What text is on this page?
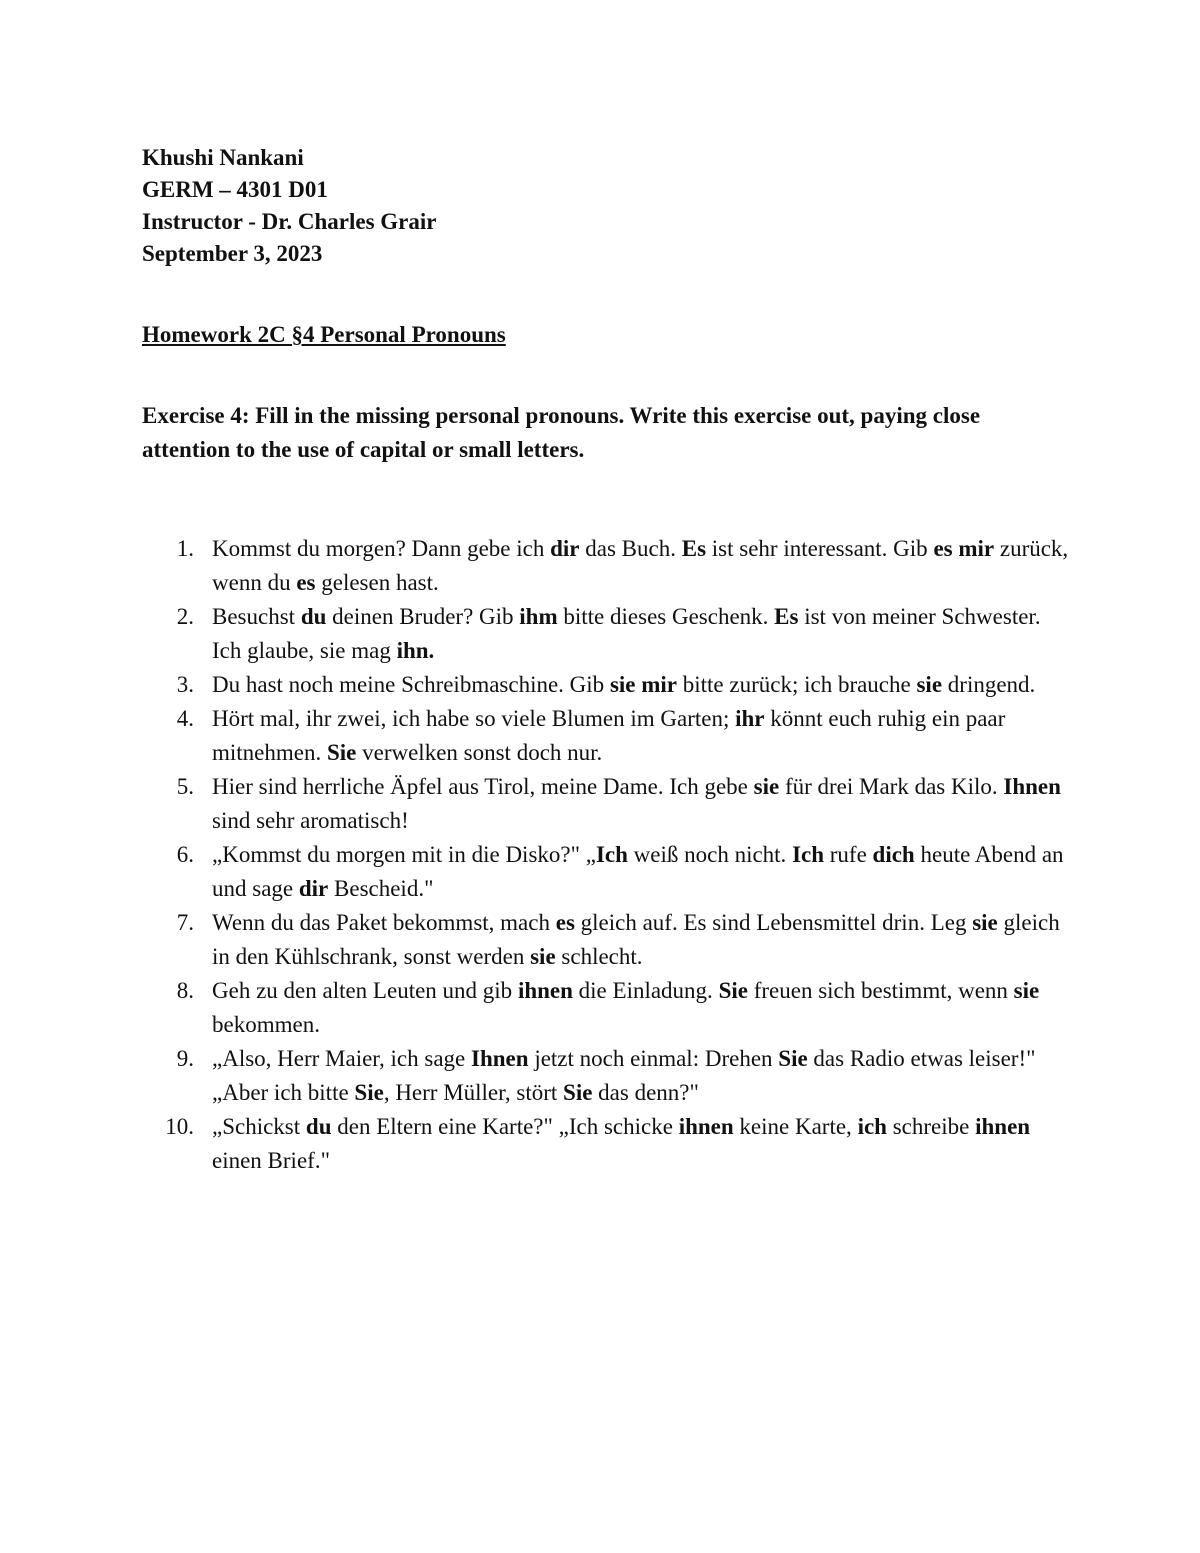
Khushi Nankani
GERM – 4301 D01
Instructor - Dr. Charles Grair
September 3, 2023
Homework 2C §4 Personal Pronouns
Exercise 4: Fill in the missing personal pronouns. Write this exercise out, paying close attention to the use of capital or small letters.
1. Kommst du morgen? Dann gebe ich dir das Buch. Es ist sehr interessant. Gib es mir zurück, wenn du es gelesen hast.
2. Besuchst du deinen Bruder? Gib ihm bitte dieses Geschenk. Es ist von meiner Schwester. Ich glaube, sie mag ihn.
3. Du hast noch meine Schreibmaschine. Gib sie mir bitte zurück; ich brauche sie dringend.
4. Hört mal, ihr zwei, ich habe so viele Blumen im Garten; ihr könnt euch ruhig ein paar mitnehmen. Sie verwelken sonst doch nur.
5. Hier sind herrliche Äpfel aus Tirol, meine Dame. Ich gebe sie für drei Mark das Kilo. Ihnen sind sehr aromatisch!
6. „Kommst du morgen mit in die Disko?" „Ich weiß noch nicht. Ich rufe dich heute Abend an und sage dir Bescheid."
7. Wenn du das Paket bekommst, mach es gleich auf. Es sind Lebensmittel drin. Leg sie gleich in den Kühlschrank, sonst werden sie schlecht.
8. Geh zu den alten Leuten und gib ihnen die Einladung. Sie freuen sich bestimmt, wenn sie bekommen.
9. „Also, Herr Maier, ich sage Ihnen jetzt noch einmal: Drehen Sie das Radio etwas leiser!" „Aber ich bitte Sie, Herr Müller, stört Sie das denn?"
10. „Schickst du den Eltern eine Karte?" „Ich schicke ihnen keine Karte, ich schreibe ihnen einen Brief."
